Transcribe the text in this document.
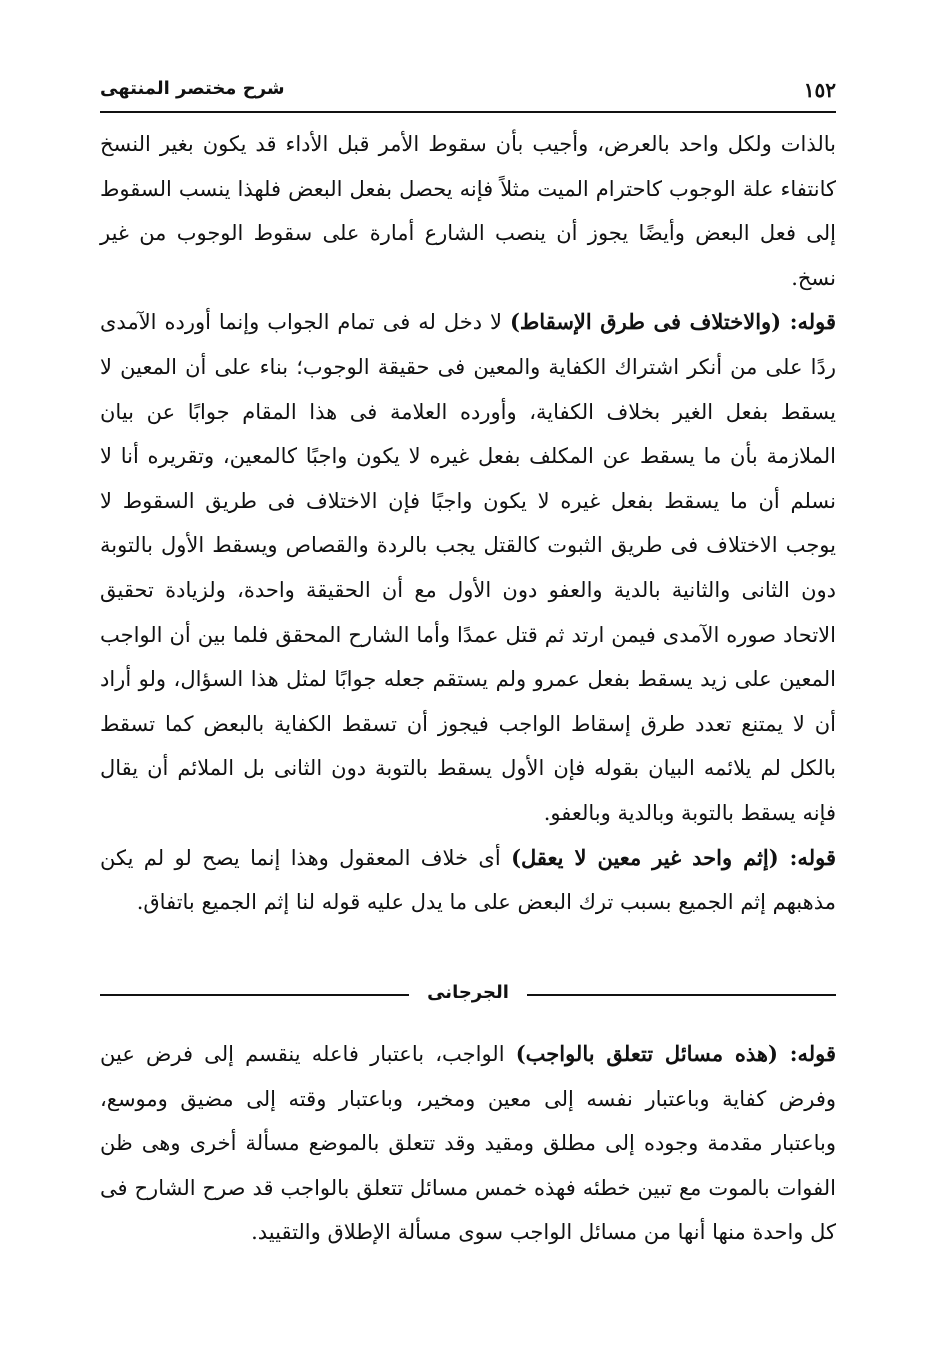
١٥٢
شرح مختصر المنتهى

بالذات ولكل واحد بالعرض، وأجيب بأن سقوط الأمر قبل الأداء قد يكون بغير النسخ كانتفاء علة الوجوب كاحترام الميت مثلاً فإنه يحصل بفعل البعض فلهذا ينسب السقوط إلى فعل البعض وأيضًا يجوز أن ينصب الشارع أمارة على سقوط الوجوب من غير نسخ.

قوله: (والاختلاف فى طرق الإسقاط) لا دخل له فى تمام الجواب وإنما أورده الآمدى ردًا على من أنكر اشتراك الكفاية والمعين فى حقيقة الوجوب؛ بناء على أن المعين لا يسقط بفعل الغير بخلاف الكفاية، وأورده العلامة فى هذا المقام جوابًا عن بيان الملازمة بأن ما يسقط عن المكلف بفعل غيره لا يكون واجبًا كالمعين، وتقريره أنا لا نسلم أن ما يسقط بفعل غيره لا يكون واجبًا فإن الاختلاف فى طريق السقوط لا يوجب الاختلاف فى طريق الثبوت كالقتل يجب بالردة والقصاص ويسقط الأول بالتوبة دون الثانى والثانية بالدية والعفو دون الأول مع أن الحقيقة واحدة، ولزيادة تحقيق الاتحاد صوره الآمدى فيمن ارتد ثم قتل عمدًا وأما الشارح المحقق فلما بين أن الواجب المعين على زيد يسقط بفعل عمرو ولم يستقم جعله جوابًا لمثل هذا السؤال، ولو أراد أن لا يمتنع تعدد طرق إسقاط الواجب فيجوز أن تسقط الكفاية بالبعض كما تسقط بالكل لم يلائمه البيان بقوله فإن الأول يسقط بالتوبة دون الثانى بل الملائم أن يقال فإنه يسقط بالتوبة وبالدية وبالعفو.

قوله: (إثم واحد غير معين لا يعقل) أى خلاف المعقول وهذا إنما يصح لو لم يكن مذهبهم إثم الجميع بسبب ترك البعض على ما يدل عليه قوله لنا إثم الجميع باتفاق.

الجرجانى

قوله: (هذه مسائل تتعلق بالواجب) الواجب، باعتبار فاعله ينقسم إلى فرض عين وفرض كفاية وباعتبار نفسه إلى معين ومخير، وباعتبار وقته إلى مضيق وموسع، وباعتبار مقدمة وجوده إلى مطلق ومقيد وقد تتعلق بالموضع مسألة أخرى وهى ظن الفوات بالموت مع تبين خطئه فهذه خمس مسائل تتعلق بالواجب قد صرح الشارح فى كل واحدة منها أنها من مسائل الواجب سوى مسألة الإطلاق والتقييد.
